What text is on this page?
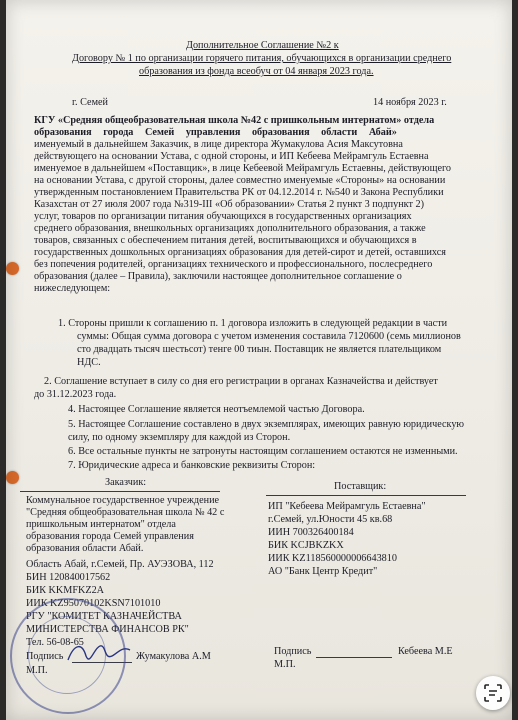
Дополнительное Соглашение №2 к
Договору № 1 по организации горячего питания, обучающихся в организации среднего
образования из фонда всеобуч от 04 января 2023 года.
г. Семей	14 ноября 2023 г.
КГУ «Средняя общеобразовательная школа №42 с пришкольным интернатом» отдела
образования города Семей управления образования области Абай»
именуемый в дальнейшем Заказчик, в лице директора Жумакулова Асия Максутовна
действующего на основании Устава, с одной стороны, и ИП Кебеева Мейрамгуль Естаевна
именуемое в дальнейшем «Поставщик», в лице Кебеевой Мейрамгуль Естаевны, действующего
на основании Устава, с другой стороны, далее совместно именуемые «Стороны» на основании
утвержденным постановлением Правительства РК от 04.12.2014 г. №540 и Закона Республики
Казахстан от 27 июля 2007 года №319-III «Об образовании» Статья 2 пункт 3 подпункт 2)
услуг, товаров по организации питания обучающихся в государственных организациях
среднего образования, внешкольных организациях дополнительного образования, а также
товаров, связанных с обеспечением питания детей, воспитывающихся и обучающихся в
государственных дошкольных организациях образования для детей-сирот и детей, оставшихся
без попечения родителей, организациях технического и профессионального, послесреднего
образования (далее – Правила), заключили настоящее дополнительное соглашение о
нижеследующем:
1. Стороны пришли к соглашению п. 1 договора изложить в следующей редакции в части
суммы: Общая сумма договора с учетом изменения составила 7120600 (семь миллионов
сто двадцать тысяч шестьсот) тенге 00 тиын. Поставщик не является плательщиком
НДС.
2. Соглашение вступает в силу со дня его регистрации в органах Казначейства и действует
до 31.12.2023 года.
4. Настоящее Соглашение является неотъемлемой частью Договора.
5. Настоящее Соглашение составлено в двух экземплярах, имеющих равную юридическую
силу, по одному экземпляру для каждой из Сторон.
6. Все остальные пункты не затронуты настоящим соглашением остаются не изменными.
7. Юридические адреса и банковские реквизиты Сторон:
Заказчик:
Коммунальное государственное учреждение
"Средняя общеобразовательная школа № 42 с
пришкольным интернатом" отдела
образования города Семей управления
образования области Абай.
Область Абай, г.Семей, Пр. АУЭЗОВА, 112
БИН 120840017562
БИК KKMFKZ2A
ИИК KZ95070102KSN7101010
РГУ "КОМИТЕТ КАЗНАЧЕЙСТВА
МИНИСТЕРСТВА ФИНАНСОВ РК"
Тел. 56-08-65
Подпись	Жумакулова А.М
М.П.
Поставщик:
ИП "Кебеева Мейрамгуль Естаевна"
г.Семей, ул.Юности 45 кв.68
ИИН 700326400184
БИК KCJBKZKX
ИИК KZ118560000006643810
АО "Банк Центр Кредит"
Подпись	Кебеева М.Е
М.П.
